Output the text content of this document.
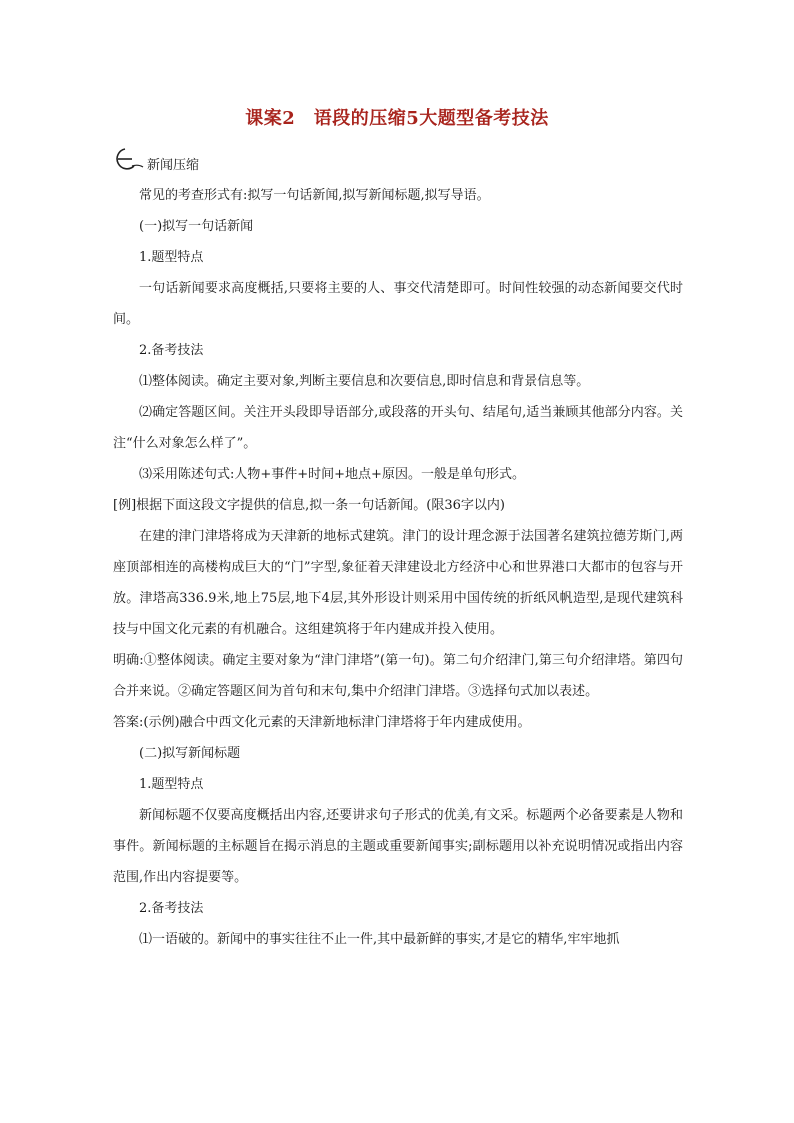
课案2　语段的压缩5大题型备考技法
新闻压缩

常见的考查形式有:拟写一句话新闻,拟写新闻标题,拟写导语。

(一)拟写一句话新闻

1.题型特点

一句话新闻要求高度概括,只要将主要的人、事交代清楚即可。时间性较强的动态新闻要交代时间。

2.备考技法

⑴整体阅读。确定主要对象,判断主要信息和次要信息,即时信息和背景信息等。

⑵确定答题区间。关注开头段即导语部分,或段落的开头句、结尾句,适当兼顾其他部分内容。关注“什么对象怎么样了”。

⑶采用陈述句式:人物+事件+时间+地点+原因。一般是单句形式。

[例]根据下面这段文字提供的信息,拟一条一句话新闻。(限36字以内)

在建的津门津塔将成为天津新的地标式建筑。津门的设计理念源于法国著名建筑拉德芳斯门,两座顶部相连的高楼构成巨大的“门”字型,象征着天津建设北方经济中心和世界港口大都市的包容与开放。津塔高336.9米,地上75层,地下4层,其外形设计则采用中国传统的折纸风帆造型,是现代建筑科技与中国文化元素的有机融合。这组建筑将于年内建成并投入使用。

明确:①整体阅读。确定主要对象为“津门津塔”(第一句)。第二句介绍津门,第三句介绍津塔。第四句合并来说。②确定答题区间为首句和末句,集中介绍津门津塔。③选择句式加以表述。

答案:(示例)融合中西文化元素的天津新地标津门津塔将于年内建成使用。

(二)拟写新闻标题

1.题型特点

新闻标题不仅要高度概括出内容,还要讲求句子形式的优美,有文采。标题两个必备要素是人物和事件。新闻标题的主标题旨在揭示消息的主题或重要新闻事实;副标题用以补充说明情况或指出内容范围,作出内容提要等。

2.备考技法

⑴一语破的。新闻中的事实往往不止一件,其中最新鲜的事实,才是它的精华,牢牢地抓
